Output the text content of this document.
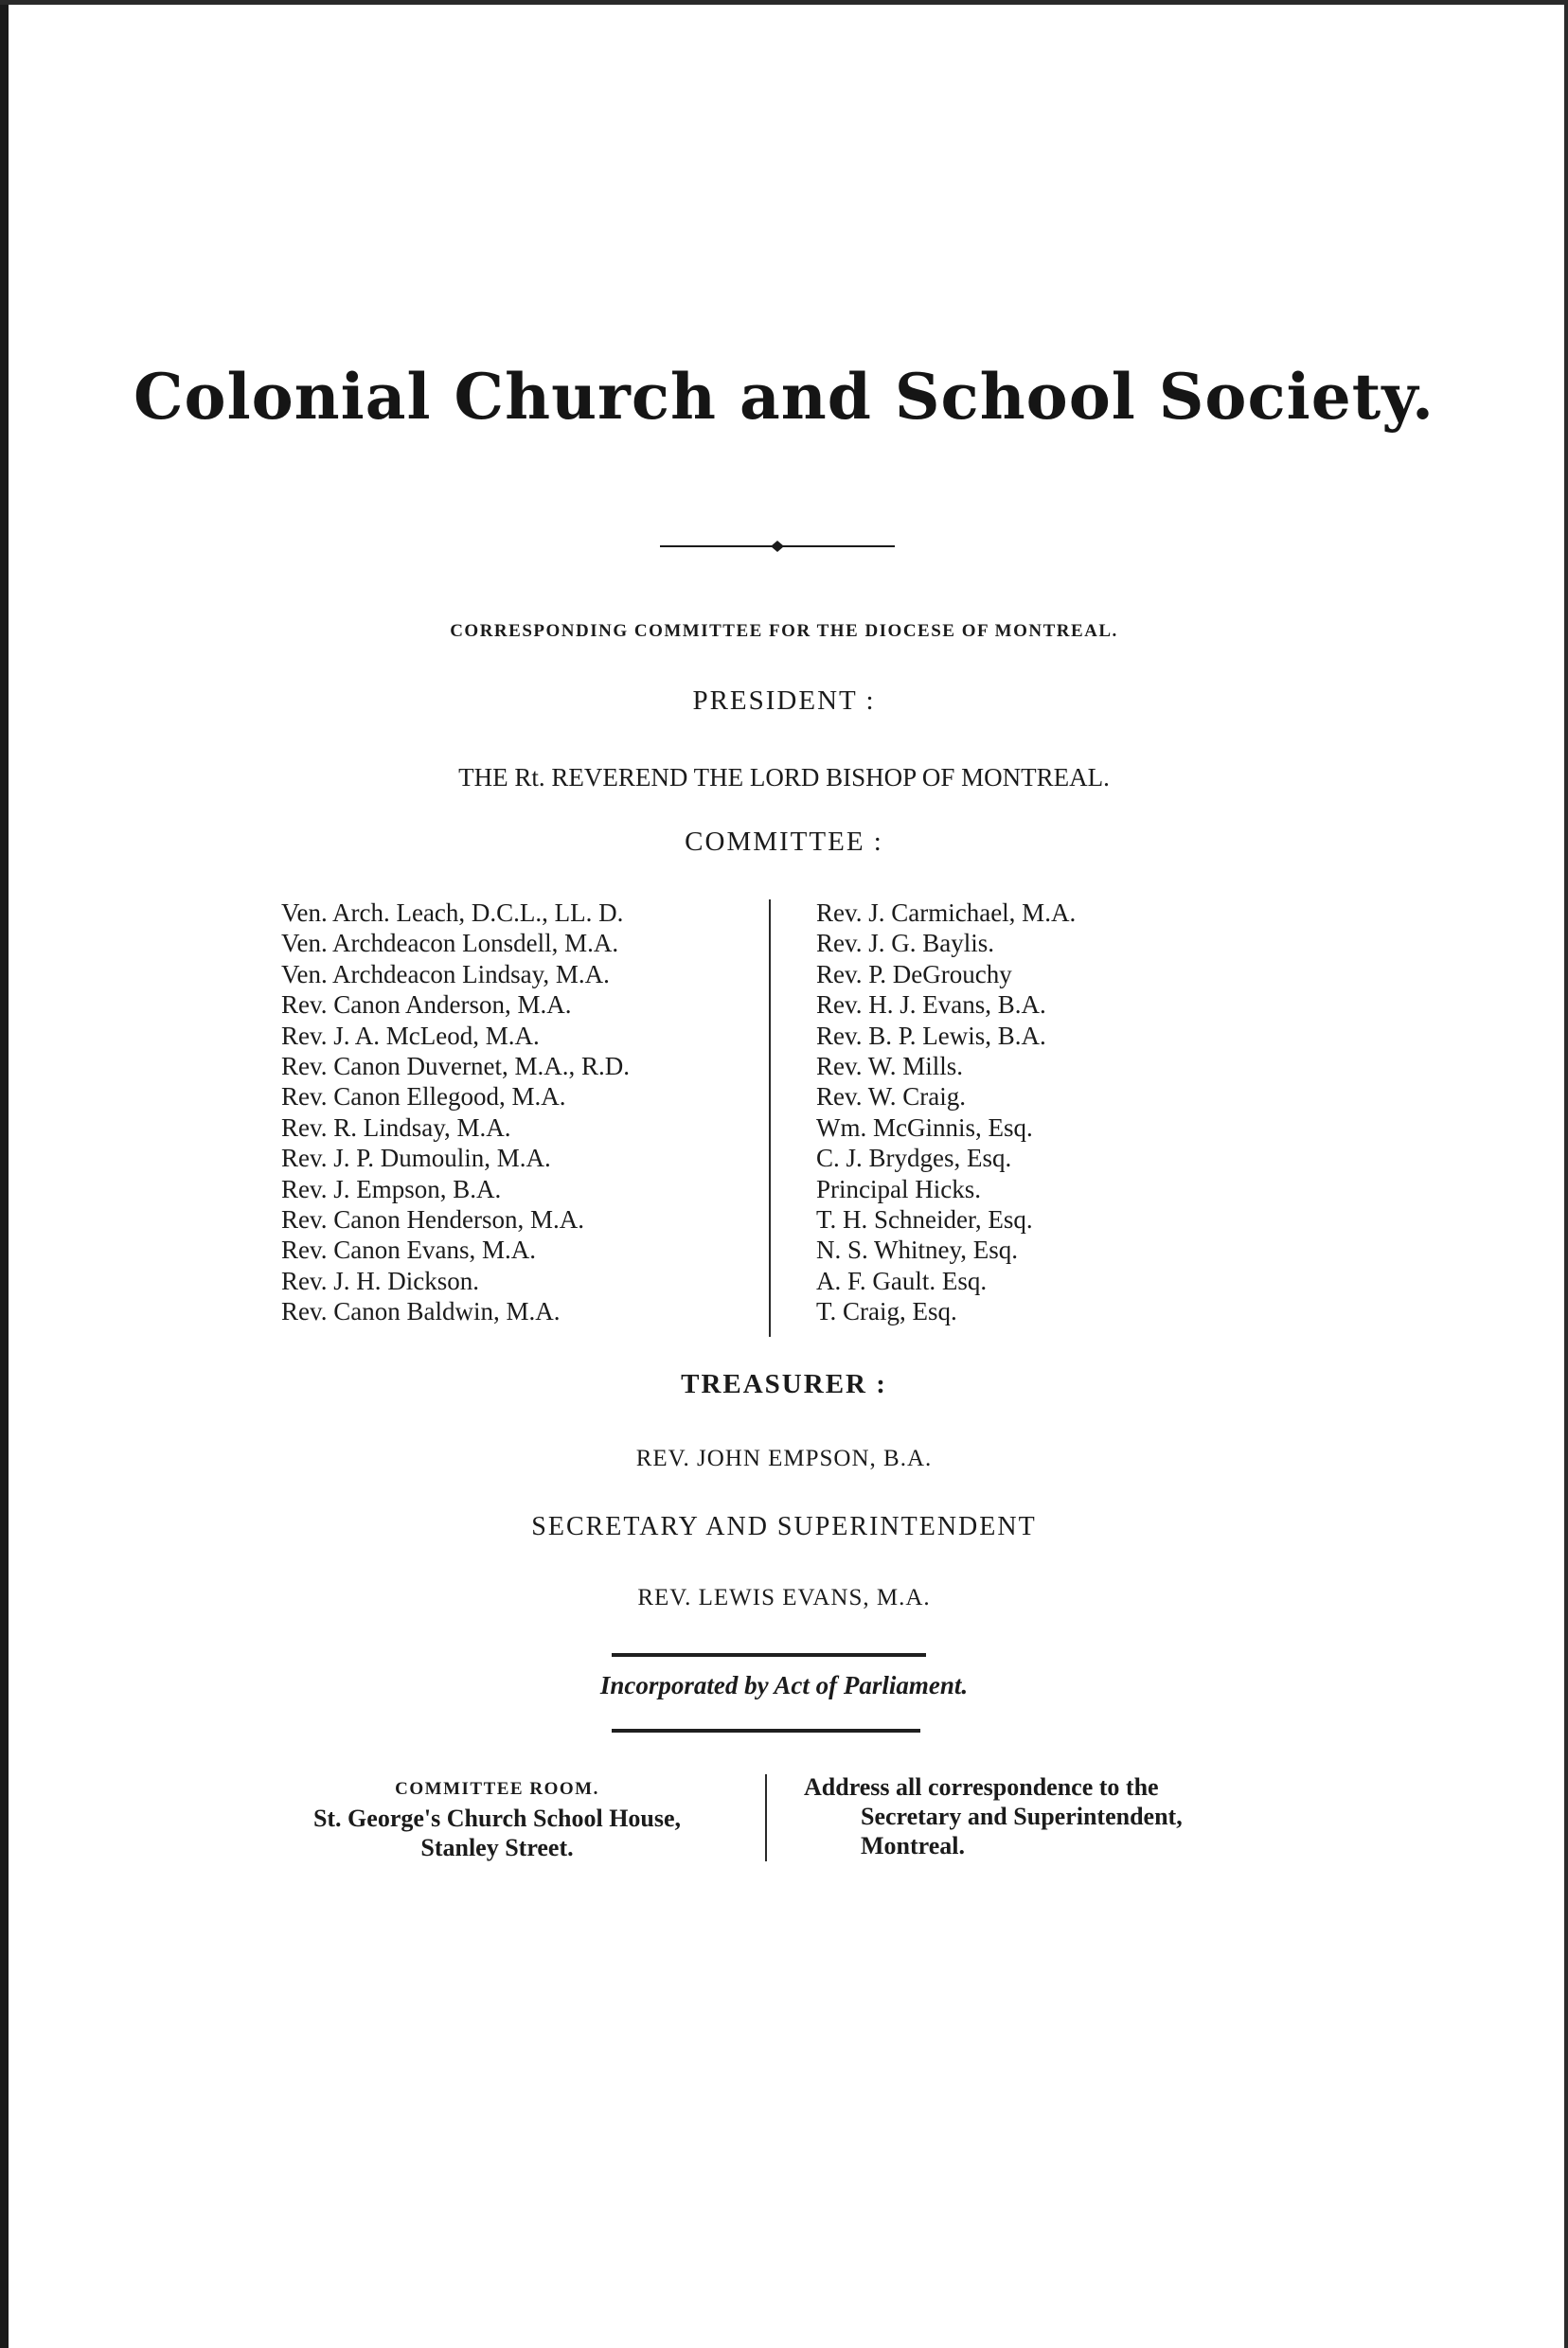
Colonial Church and School Society.
CORRESPONDING COMMITTEE FOR THE DIOCESE OF MONTREAL.
PRESIDENT :
THE Rt. REVEREND THE LORD BISHOP OF MONTREAL.
COMMITTEE :
Ven. Arch. Leach, D.C.L., LL. D.
Ven. Archdeacon Lonsdell, M.A.
Ven. Archdeacon Lindsay, M.A.
Rev. Canon Anderson, M.A.
Rev. J. A. McLeod, M.A.
Rev. Canon Duvernet, M.A., R.D.
Rev. Canon Ellegood, M.A.
Rev. R. Lindsay, M.A.
Rev. J. P. Dumoulin, M.A.
Rev. J. Empson, B.A.
Rev. Canon Henderson, M.A.
Rev. Canon Evans, M.A.
Rev. J. H. Dickson.
Rev. Canon Baldwin, M.A.
Rev. J. Carmichael, M.A.
Rev. J. G. Baylis.
Rev. P. DeGrouchy
Rev. H. J. Evans, B.A.
Rev. B. P. Lewis, B.A.
Rev. W. Mills.
Rev. W. Craig.
Wm. McGinnis, Esq.
C. J. Brydges, Esq.
Principal Hicks.
T. H. Schneider, Esq.
N. S. Whitney, Esq.
A. F. Gault. Esq.
T. Craig, Esq.
TREASURER :
REV. JOHN EMPSON, B.A.
SECRETARY AND SUPERINTENDENT
REV. LEWIS EVANS, M.A.
Incorporated by Act of Parliament.
COMMITTEE ROOM.
St. George's Church School House,
Stanley Street.
Address all correspondence to the
Secretary and Superintendent,
Montreal.
